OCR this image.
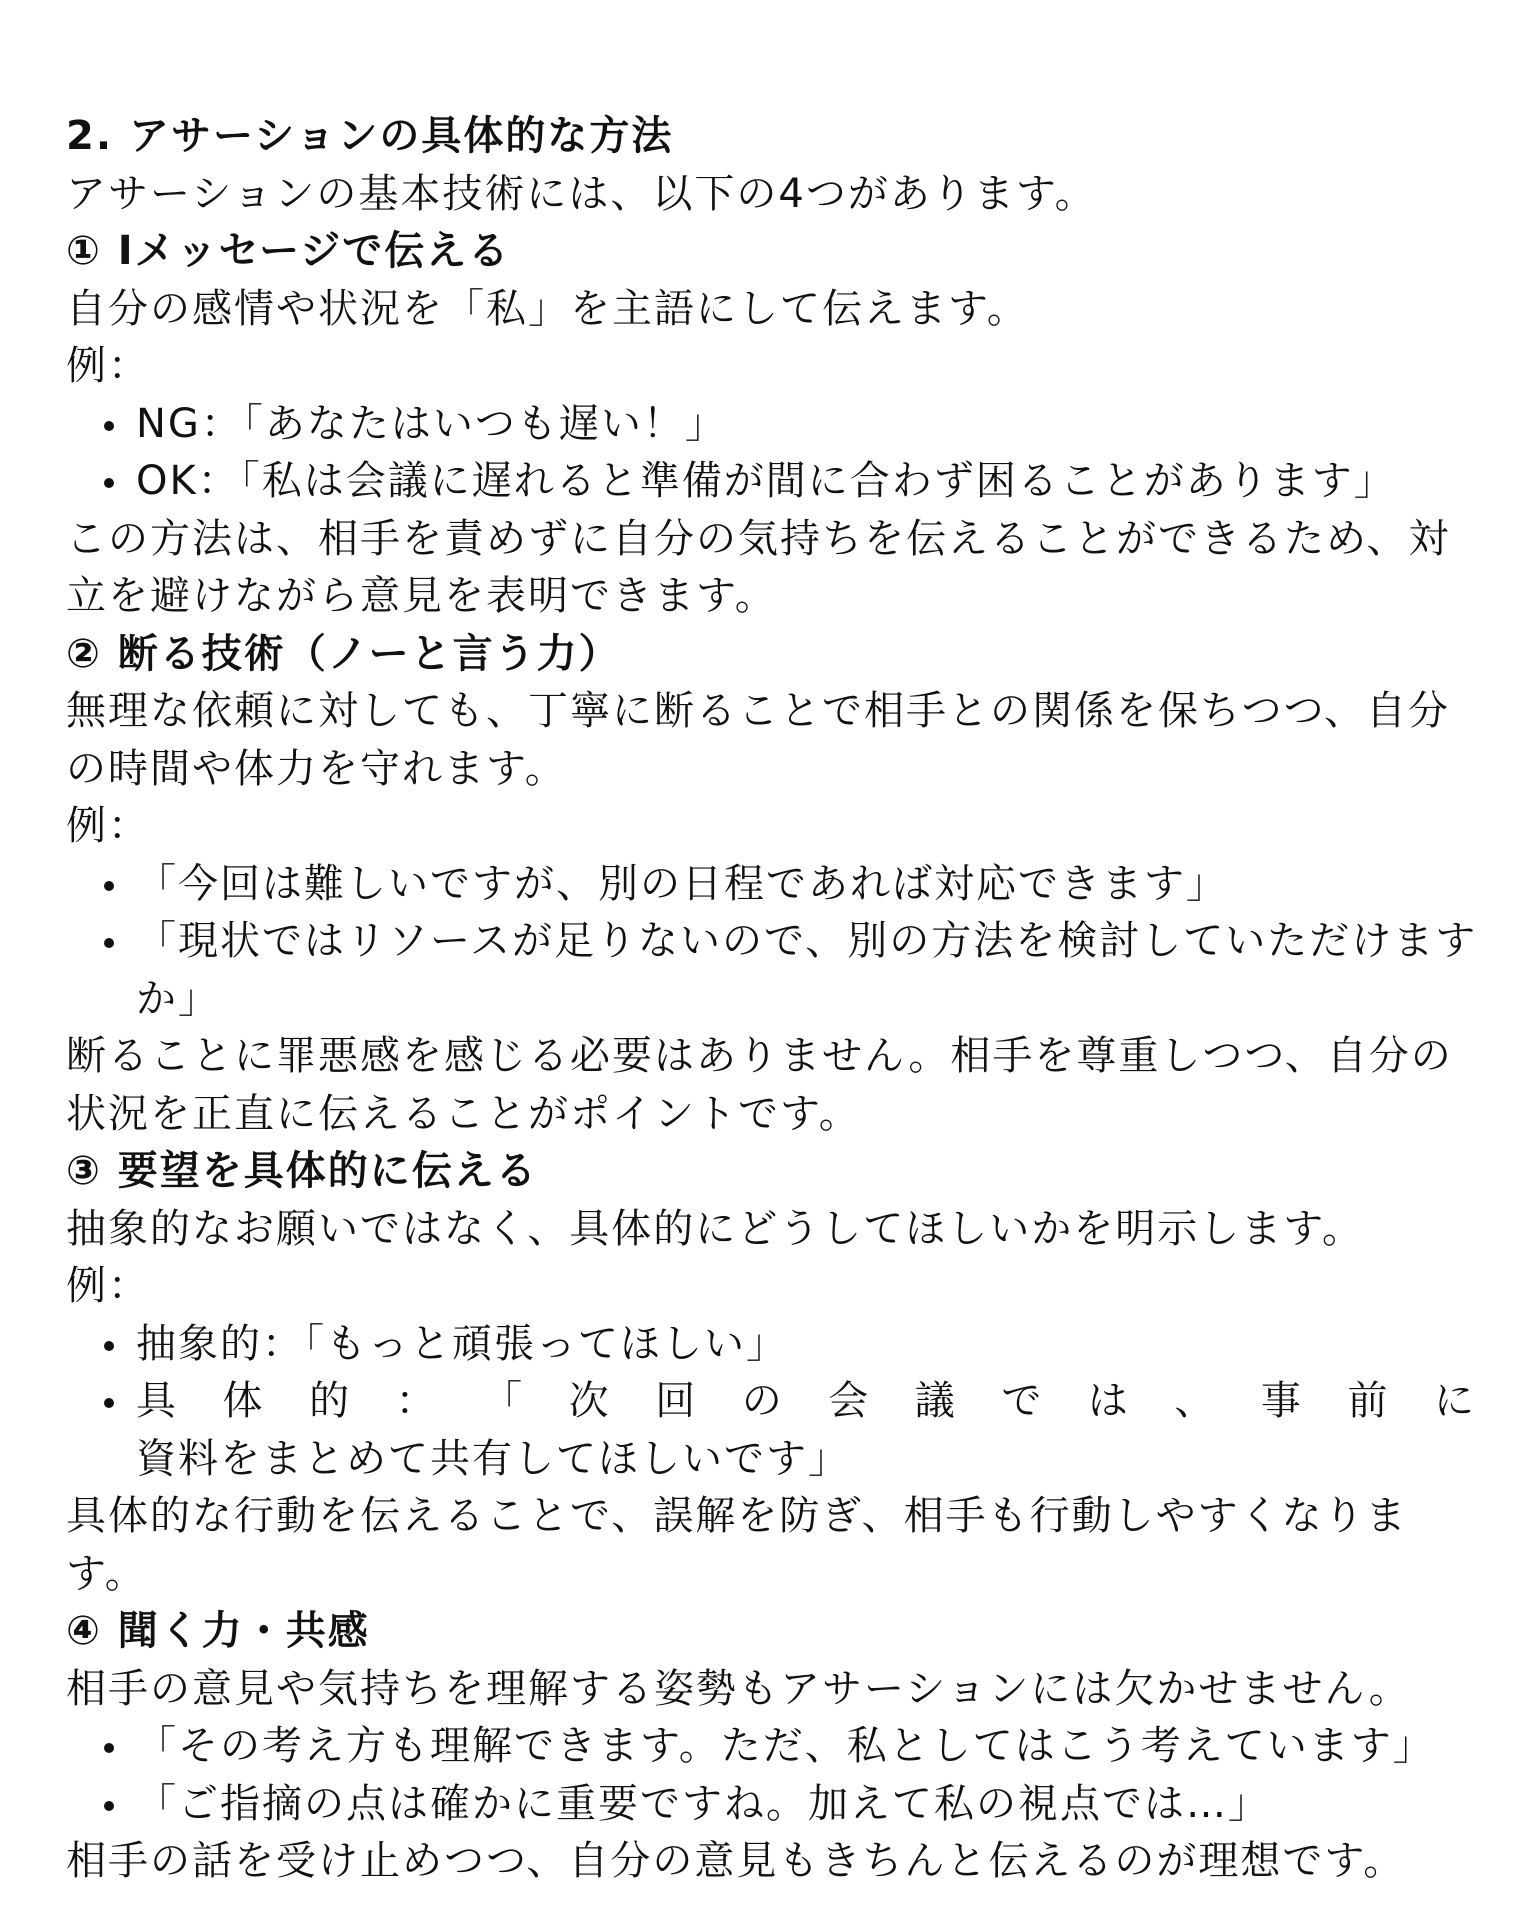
2. アサーションの具体的な方法
アサーションの基本技術には、以下の4つがあります。
① Iメッセージで伝える
自分の感情や状況を「私」を主語にして伝えます。
例：
NG：「あなたはいつも遅い！」
OK：「私は会議に遅れると準備が間に合わず困ることがあります」
この方法は、相手を責めずに自分の気持ちを伝えることができるため、対
立を避けながら意見を表明できます。
② 断る技術（ノーと言う力）
無理な依頼に対しても、丁寧に断ることで相手との関係を保ちつつ、自分
の時間や体力を守れます。
例：
「今回は難しいですが、別の日程であれば対応できます」
「現状ではリソースが足りないので、別の方法を検討していただけます
か」
断ることに罪悪感を感じる必要はありません。相手を尊重しつつ、自分の
状況を正直に伝えることがポイントです。
③ 要望を具体的に伝える
抽象的なお願いではなく、具体的にどうしてほしいかを明示します。
例：
抽象的：「もっと頑張ってほしい」
具 体 的 ： 「 次 回 の 会 議 で は 、 事 前 に
資料をまとめて共有してほしいです」
具体的な行動を伝えることで、誤解を防ぎ、相手も行動しやすくなりま
す。
④ 聞く力・共感
相手の意見や気持ちを理解する姿勢もアサーションには欠かせません。
「その考え方も理解できます。ただ、私としてはこう考えています」
「ご指摘の点は確かに重要ですね。加えて私の視点では…」
相手の話を受け止めつつ、自分の意見もきちんと伝えるのが理想です。
